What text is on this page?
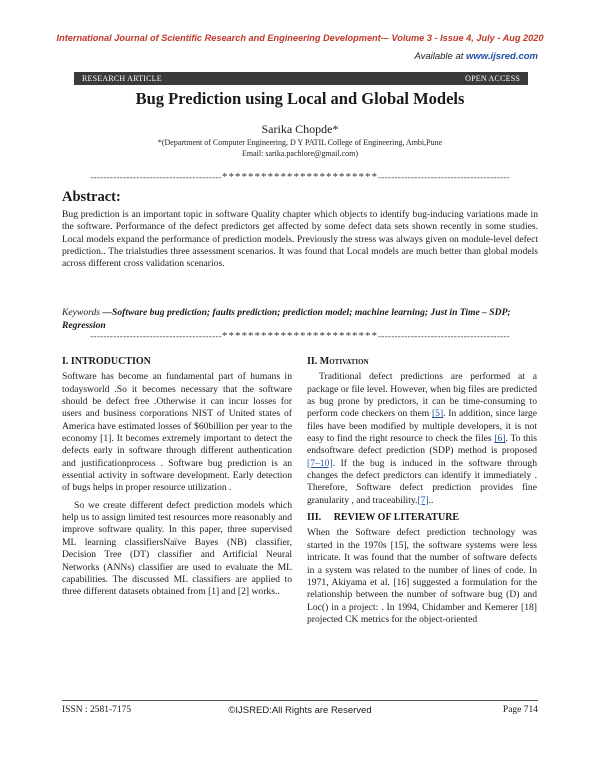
International Journal of Scientific Research and Engineering Development-– Volume 3 - Issue 4, July - Aug 2020
Available at www.ijsred.com
RESEARCH ARTICLE	OPEN ACCESS
Bug Prediction using Local and Global Models
Sarika Chopde*
*(Department of Computer Engineering, D Y PATIL College of Engineering, Ambi,Pune
Email: sarika.pachlore@gmail.com)
----------------------------------------************************----------------------------------------
Abstract:
Bug prediction is an important topic in software Quality chapter which objects to identify bug-inducing variations made in the software. Performance of the defect predictors get affected by some defect data sets shown recently in some studies. Local models expand the performance of prediction models. Previously the stress was always given on module-level defect prediction.. The trialstudies three assessment scenarios. It was found that Local models are much better than global models across different cross validation scenarios.
Keywords —Software bug prediction; faults prediction; prediction model; machine learning; Just in Time – SDP; Regression
----------------------------------------************************----------------------------------------
I. INTRODUCTION

Software has become an fundamental part of humans in todaysworld .So it becomes necessary that the software should be defect free .Otherwise it can incur losses for users and business corporations NIST of United states of America have estimated losses of $60billion per year to the economy [1]. It becomes extremely important to detect the defects early in software through different authentication and justificationprocess . Software bug prediction is an essential activity in software development. Early detection of bugs helps in proper resource utilization .

So we create different defect prediction models which help us to assign limited test resources more reasonably and improve software quality. In this paper, three supervised ML learning classifiersNaïve Bayes (NB) classifier, Decision Tree (DT) classifier and Artificial Neural Networks (ANNs) classifier are used to evaluate the ML capabilities. The discussed ML classifiers are applied to three different datasets obtained from [1] and [2] works..

II. Motivation

Traditional defect predictions are performed at a package or file level. However, when big files are predicted as bug prone by predictors, it can be time-consuming to perform code checkers on them [5]. In addition, since large files have been modified by multiple developers, it is not easy to find the right resource to check the files [6]. To this endsoftware defect prediction (SDP) method is proposed [7–10]. If the bug is induced in the software through changes the defect predictors can identify it immediately . Therefore, Software defect prediction provides fine granularity , and traceability.[7]..

III. REVIEW OF LITERATURE

When the Software defect prediction technology was started in the 1970s [15], the software systems were less intricate. It was found that the number of software defects in a system was related to the number of lines of code. In 1971, Akiyama et al. [16] suggested a formulation for the relationship between the number of software bug (D) and Loc() in a project: . In 1994, Chidamber and Kemerer [18] projected CK metrics for the object-oriented

ISSN : 2581-7175	©IJSRED:All Rights are Reserved	Page 714
